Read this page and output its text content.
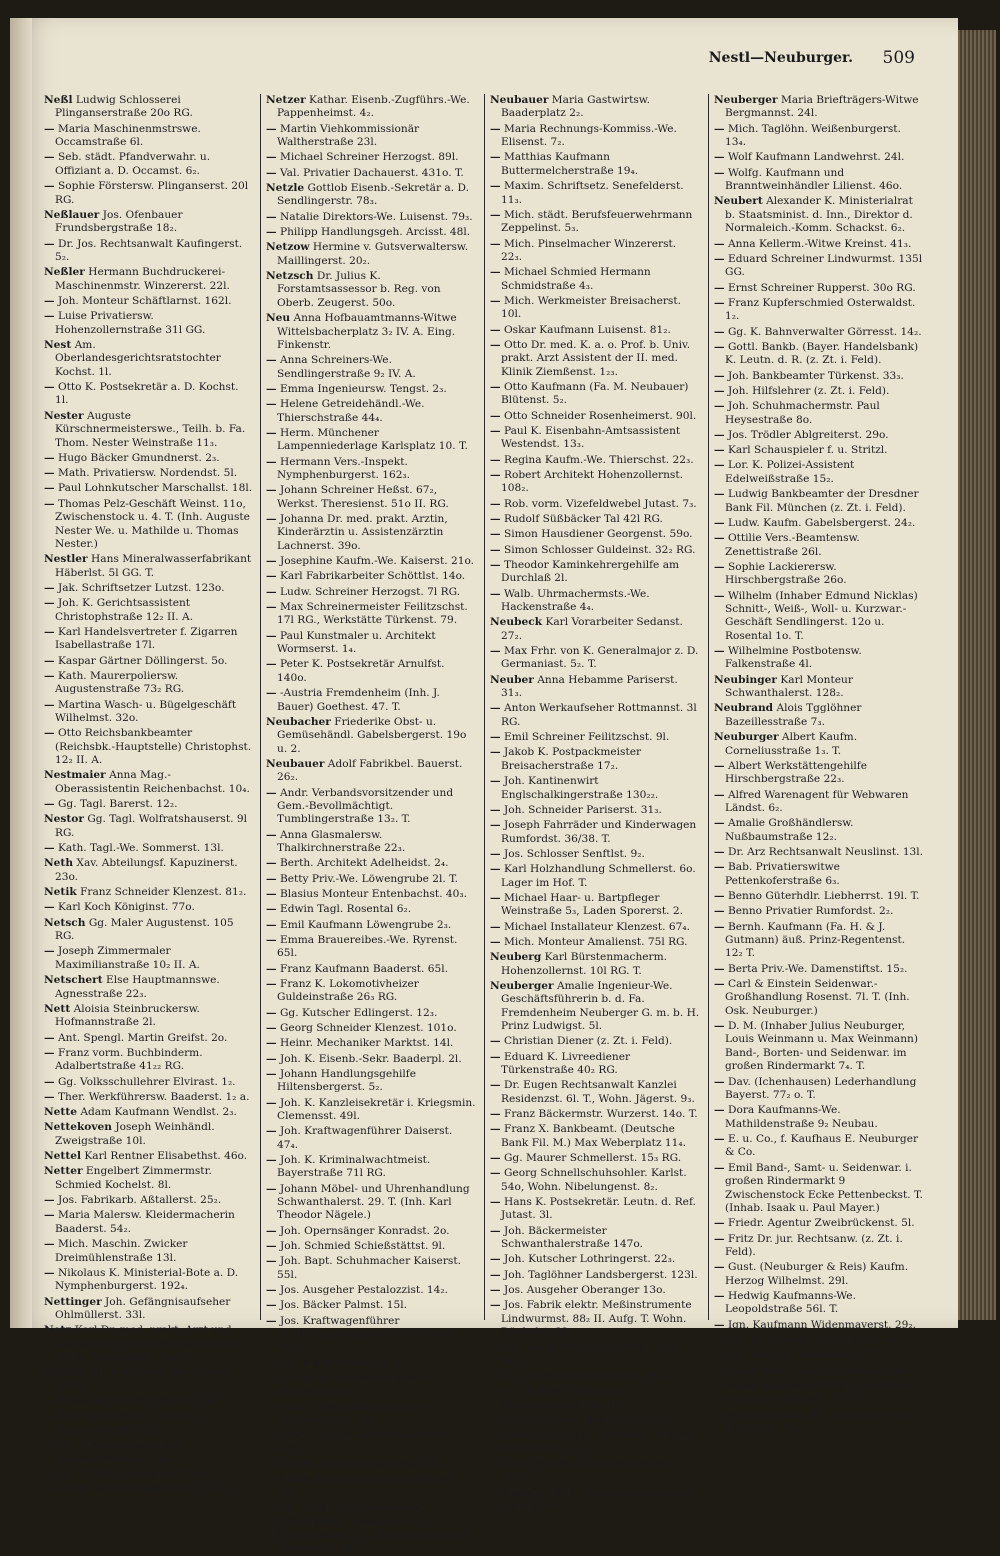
Nestl—Neuburger. 509
Neßl Ludwig Schlosserei Plinganserstraße 20o RG.
— Maria Maschinenmstrswe. Occamstraße 6l.
— Seb. städt. Pfandverwahr. u. Offiziant a. D. Occamst. 6₂.
— Sophie Förstersw. Plinganserst. 20l RG.
Neßlauer Jos. Ofenbauer Frundsbergstraße 18₂.
— Dr. Jos. Rechtsanwalt Kaufingerst. 5₂.
Neßler Hermann Buchdruckerei-Maschinenmstr. Winzererst. 22l.
— Joh. Monteur Schäftlarnst. 162l.
— Luise Privatiersw. Hohenzollernstraße 31l GG.
Nest Am. Oberlandesgerichtsratstochter Kochst. 1l.
— Otto K. Postsekretär a. D. Kochst. 1l.
Nester Auguste Kürschnermeisterswe., Teilh. b. Fa. Thom. Nester Weinstraße 11₃.
— Hugo Bäcker Gmundnerst. 2₃.
— Math. Privatiersw. Nordendst. 5l.
— Paul Lohnkutscher Marschallst. 18l.
— Thomas Pelz-Geschäft Weinst. 11o, Zwischenstock u. 4. T. (Inh. Auguste Nester We. u. Mathilde u. Thomas Nester.)
Nestler Hans Mineralwasserfabrikant Häberlst. 5l GG. T.
— Jak. Schriftsetzer Lutzst. 123o.
— Joh. K. Gerichtsassistent Christophstraße 12₂ II. A.
— Karl Handelsvertreter f. Zigarren Isabellastraße 17l.
— Kaspar Gärtner Döllingerst. 5o.
— Kath. Maurerpoliersw. Augustenstraße 73₂ RG.
— Martina Wasch- u. Bügelgeschäft Wilhelmst. 32o.
— Otto Reichsbankbeamter (Reichsbk.-Hauptstelle) Christophst. 12₂ II. A.
Nestmaier Anna Mag.-Oberassistentin Reichenbachst. 10₄.
— Gg. Tagl. Barerst. 12₂.
Nestor Gg. Tagl. Wolfratshauserst. 9l RG.
— Kath. Tagl.-We. Sommerst. 13l.
Neth Xav. Abteilungsf. Kapuzinerst. 23o.
Netik Franz Schneider Klenzest. 81₂.
— Karl Koch Königinst. 77o.
Netsch Gg. Maler Augustenst. 105 RG.
— Joseph Zimmermaler Maximilianstraße 10₂ II. A.
Netschert Else Hauptmannswe. Agnesstraße 22₃.
Nett Aloisia Steinbruckersw. Hofmannstraße 2l.
— Ant. Spengl. Martin Greifst. 2o.
— Franz vorm. Buchbinderm. Adalbertstraße 41₂₂ RG.
— Gg. Volksschullehrer Elvirast. 1₂.
— Ther. Werkführersw. Baaderst. 1₂ a.
Nette Adam Kaufmann Wendlst. 2₃.
Nettekoven Joseph Weinhändl. Zweigstraße 10l.
Nettel Karl Rentner Elisabethst. 46o.
Netter Engelbert Zimmermstr. Schmied Kochelst. 8l.
— Jos. Fabrikarb. Aßtallerst. 25₂.
— Maria Malersw. Kleidermacherin Baaderst. 54₂.
— Mich. Maschin. Zwicker Dreimühlenstraße 13l.
— Nikolaus K. Ministerial-Bote a. D. Nymphenburgerst. 192₄.
Nettinger Joh. Gefängnisaufseher Ohlmüllerst. 33l.
Netz Karl Dr. med. prakt. Arzt und Assistenzarzt am Krankenhaus M.-Schw. Friedrichst. 33o. T.
Netzer Art. Kaufmann Dachauerst. 483o.
— Anton Tapezierer Oefeleft. 5l.
— Frz. appr. Tierarzt Herzog Heinrichstraße 33l.
— Gg. Eisenwerkaufseher Dachauerstraße 354o. T.
— Gg. Gütler Dachauerst. 246o.
— Herm. Metzger Waltherst. 23o u. 2.
Netzer Kathar. Eisenb.-Zugführs.-We. Pappenheimst. 4₂.
— Martin Viehkommissionär Waltherstraße 23l.
— Michael Schreiner Herzogst. 89l.
— Val. Privatier Dachauerst. 431o. T.
Netzle Gottlob Eisenb.-Sekretär a. D. Sendlingerstr. 78₃.
— Natalie Direktors-We. Luisenst. 79₃.
— Philipp Handlungsgeh. Arcisst. 48l.
Netzow Hermine v. Gutsverwaltersw. Maillingerst. 20₂.
Netzsch Dr. Julius K. Forstamtsassessor b. Reg. von Oberb. Zeugerst. 50o.
Neu Anna Hofbauamtmanns-Witwe Wittelsbacherplatz 3₂ IV. A. Eing. Finkenstr.
— Anna Schreiners-We. Sendlingerstraße 9₂ IV. A.
— Emma Ingenieursw. Tengst. 2₃.
— Helene Getreidehändl.-We. Thierschstraße 44₄.
— Herm. Münchener Lampenniederlage Karlsplatz 10. T.
— Hermann Vers.-Inspekt. Nymphenburgerst. 162₃.
— Johann Schreiner Heßst. 67₂, Werkst. Theresienst. 51o II. RG.
— Johanna Dr. med. prakt. Arztin, Kinderärztin u. Assistenzärztin Lachnerst. 39o.
— Josephine Kaufm.-We. Kaiserst. 21o.
— Karl Fabrikarbeiter Schöttlst. 14o.
— Ludw. Schreiner Herzogst. 7l RG.
— Max Schreinermeister Feilitzschst. 17l RG., Werkstätte Türkenst. 79.
— Paul Kunstmaler u. Architekt Wormserst. 1₄.
— Peter K. Postsekretär Arnulfst. 140o.
— -Austria Fremdenheim (Inh. J. Bauer) Goethest. 47. T.
Neubacher Friederike Obst- u. Gemüsehändl. Gabelsbergerst. 19o u. 2.
Neubauer Adolf Fabrikbel. Bauerst. 26₂.
— Andr. Verbandsvorsitzender und Gem.-Bevollmächtigt. Tumblingerstraße 13₂. T.
— Anna Glasmalersw. Thalkirchnerstraße 22₃.
— Berth. Architekt Adelheidst. 2₄.
— Betty Priv.-We. Löwengrube 2l. T.
— Blasius Monteur Entenbachst. 40₃.
— Edwin Tagl. Rosental 6₂.
— Emil Kaufmann Löwengrube 2₃.
— Emma Brauereibes.-We. Ryrenst. 65l.
— Franz Kaufmann Baaderst. 65l.
— Franz K. Lokomotivheizer Guldeinstraße 26₃ RG.
— Gg. Kutscher Edlingerst. 12₃.
— Georg Schneider Klenzest. 101o.
— Heinr. Mechaniker Marktst. 14l.
— Joh. K. Eisenb.-Sekr. Baaderpl. 2l.
— Johann Handlungsgehilfe Hiltensbergerst. 5₂.
— Joh. K. Kanzleisekretär i. Kriegsmin. Clemensst. 49l.
— Joh. Kraftwagenführer Daiserst. 47₄.
— Joh. K. Kriminalwachtmeist. Bayerstraße 71l RG.
— Johann Möbel- und Uhrenhandlung Schwanthalerst. 29. T. (Inh. Karl Theodor Nägele.)
— Joh. Opernsänger Konradst. 2o.
— Joh. Schmied Schießstättst. 9l.
— Joh. Bapt. Schuhmacher Kaiserst. 55l.
— Jos. Ausgeher Pestalozzist. 14₂.
— Jos. Bäcker Palmst. 15l.
— Jos. Kraftwagenführer Kurfürstenstraße 60l RG. (neu 6l RG.)
— Jos. Maurer Balanst. 8l.
— Josephine Seminarlehrersw. Belgradst. 24₃.
— Karol. Maschinenschloss.-W. Quellenstraße 30₂.
— Kath. Tagl.-W. Donnersbergerst. 43o.
— Leonh. Hafner Amalienst. 54₃.
— Ludw. Metallschleifer Quellenst. 30₂.
— M. (Inhab. Otto Neubauer) Möbelfabrik, Verkaufsstelle Löwengrube 2. T. Dampfschreinerei Westendst. 147.
Neubauer Maria Gastwirtsw. Baaderplatz 2₂.
— Maria Rechnungs-Kommiss.-We. Elisenst. 7₂.
— Matthias Kaufmann Buttermelcherstraße 19₄.
— Maxim. Schriftsetz. Senefelderst. 11₃.
— Mich. städt. Berufsfeuerwehrmann Zeppelinst. 5₃.
— Mich. Pinselmacher Winzererst. 22₃.
— Michael Schmied Hermann Schmidstraße 4₃.
— Mich. Werkmeister Breisacherst. 10l.
— Oskar Kaufmann Luisenst. 81₂.
— Otto Dr. med. K. a. o. Prof. b. Univ. prakt. Arzt Assistent der II. med. Klinik Ziemßenst. 1₂₃.
— Otto Kaufmann (Fa. M. Neubauer) Blütenst. 5₂.
— Otto Schneider Rosenheimerst. 90l.
— Paul K. Eisenbahn-Amtsassistent Westendst. 13₃.
— Regina Kaufm.-We. Thierschst. 22₃.
— Robert Architekt Hohenzollernst. 108₂.
— Rob. vorm. Vizefeldwebel Jutast. 7₃.
— Rudolf Süßbäcker Tal 42l RG.
— Simon Hausdiener Georgenst. 59o.
— Simon Schlosser Guldeinst. 32₂ RG.
— Theodor Kaminkehrergehilfe am Durchlaß 2l.
— Walb. Uhrmachermsts.-We. Hackenstraße 4₄.
Neubeck Karl Vorarbeiter Sedanst. 27₂.
— Max Frhr. von K. Generalmajor z. D. Germaniast. 5₂. T.
Neuber Anna Hebamme Pariserst. 31₃.
— Anton Werkaufseher Rottmannst. 3l RG.
— Emil Schreiner Feilitzschst. 9l.
— Jakob K. Postpackmeister Breisacherstraße 17₂.
— Joh. Kantinenwirt Englschalkingerstraße 130₂₂.
— Joh. Schneider Pariserst. 31₃.
— Joseph Fahrräder und Kinderwagen Rumfordst. 36/38. T.
— Jos. Schlosser Senftlst. 9₂.
— Karl Holzhandlung Schmellerst. 6o. Lager im Hof. T.
— Michael Haar- u. Bartpfleger Weinstraße 5₃, Laden Sporerst. 2.
— Michael Installateur Klenzest. 67₄.
— Mich. Monteur Amalienst. 75l RG.
Neuberg Karl Bürstenmacherm. Hohenzollernst. 10l RG. T.
Neuberger Amalie Ingenieur-We. Geschäftsführerin b. d. Fa. Fremdenheim Neuberger G. m. b. H. Prinz Ludwigst. 5l.
— Christian Diener (z. Zt. i. Feld).
— Eduard K. Livreediener Türkenstraße 40₂ RG.
— Dr. Eugen Rechtsanwalt Kanzlei Residenzst. 6l. T., Wohn. Jägerst. 9₃.
— Franz Bäckermstr. Wurzerst. 14o. T.
— Franz X. Bankbeamt. (Deutsche Bank Fil. M.) Max Weberplatz 11₄.
— Gg. Maurer Schmellerst. 15₃ RG.
— Georg Schnellschuhsohler. Karlst. 54o, Wohn. Nibelungenst. 8₂.
— Hans K. Postsekretär. Leutn. d. Ref. Jutast. 3l.
— Joh. Bäckermeister Schwanthalerstraße 147o.
— Joh. Kutscher Lothringerst. 22₃.
— Joh. Taglöhner Landsbergerst. 123l.
— Jos. Ausgeher Oberanger 13o.
— Jos. Fabrik elektr. Meßinstrumente Lindwurmst. 88₂ II. Aufg. T. Wohn. Dänkelst. 32₂.
— Jos. Gußputzer Dachauerst. 125l RG.
— Jos. Hartschier Holbeinst. 16₂.
— Jos. Magistr.-Sekretär Herzogspitalstraße 12₄.
— Jos. Taglöhner Balanst. 41l RG.
— Karl K. Amtsger.-Obersekr. Dachau, Freisingerst. 31.
— Karl Taglöhn. Donnersbergerst. 50₂₃.
— Ludwig städt. Oberfeuerwehrmann Schulst. 5l.
Neuberger Maria Briefträgers-Witwe Bergmannst. 24l.
— Mich. Taglöhn. Weißenburgerst. 13₄.
— Wolf Kaufmann Landwehrst. 24l.
— Wolfg. Kaufmann und Branntweinhändler Lilienst. 46o.
Neubert Alexander K. Ministerialrat b. Staatsminist. d. Inn., Direktor d. Normaleich.-Komm. Schackst. 6₂.
— Anna Kellerm.-Witwe Kreinst. 41₃.
— Eduard Schreiner Lindwurmst. 135l GG.
— Ernst Schreiner Rupperst. 30o RG.
— Franz Kupferschmied Osterwaldst. 1₂.
— Gg. K. Bahnverwalter Görresst. 14₂.
— Gottl. Bankb. (Bayer. Handelsbank) K. Leutn. d. R. (z. Zt. i. Feld).
— Joh. Bankbeamter Türkenst. 33₃.
— Joh. Hilfslehrer (z. Zt. i. Feld).
— Joh. Schuhmachermstr. Paul Heysestraße 8o.
— Jos. Trödler Ablgreiterst. 29o.
— Karl Schauspieler f. u. Stritzl.
— Lor. K. Polizei-Assistent Edelweißstraße 15₂.
— Ludwig Bankbeamter der Dresdner Bank Fil. München (z. Zt. i. Feld).
— Ludw. Kaufm. Gabelsbergerst. 24₂.
— Ottilie Vers.-Beamtensw. Zenettistraße 26l.
— Sophie Lackierersw. Hirschbergstraße 26o.
— Wilhelm (Inhaber Edmund Nicklas) Schnitt-, Weiß-, Woll- u. Kurzwar.-Geschäft Sendlingerst. 12o u. Rosental 1o. T.
— Wilhelmine Postbotensw. Falkenstraße 4l.
Neubinger Karl Monteur Schwanthalerst. 128₂.
Neubrand Alois Tgglöhner Bazeillesstraße 7₃.
Neuburger Albert Kaufm. Corneliusstraße 1₃. T.
— Albert Werkstättengehilfe Hirschbergstraße 22₃.
— Alfred Warenagent für Webwaren Ländst. 6₂.
— Amalie Großhändlersw. Nußbaumstraße 12₂.
— Dr. Arz Rechtsanwalt Neuslinst. 13l.
— Bab. Privatierswitwe Pettenkoferstraße 6₃.
— Benno Güterhdlr. Liebherrst. 19l. T.
— Benno Privatier Rumfordst. 2₂.
— Bernh. Kaufmann (Fa. H. & J. Gutmann) äuß. Prinz-Regentenst. 12₂ T.
— Berta Priv.-We. Damenstiftst. 15₂.
— Carl & Einstein Seidenwar.-Großhandlung Rosenst. 7l. T. (Inh. Osk. Neuburger.)
— D. M. (Inhaber Julius Neuburger, Louis Weinmann u. Max Weinmann) Band-, Borten- und Seidenwar. im großen Rindermarkt 7₄. T.
— Dav. (Ichenhausen) Lederhandlung Bayerst. 77₂ o. T.
— Dora Kaufmanns-We. Mathildenstraße 9₂ Neubau.
— E. u. Co., f. Kaufhaus E. Neuburger & Co.
— Emil Band-, Samt- u. Seidenwar. i. großen Rindermarkt 9 Zwischenstock Ecke Pettenbeckst. T. (Inhab. Isaak u. Paul Mayer.)
— Friedr. Agentur Zweibrückenst. 5l.
— Fritz Dr. jur. Rechtsanw. (z. Zt. i. Feld).
— Gust. (Neuburger & Reis) Kaufm. Herzog Wilhelmst. 29l.
— Hedwig Kaufmanns-We. Leopoldstraße 56l. T.
— Ign. Kaufmann Widenmayerst. 29₂.
— Jos. Kursmakler Schönfeldst. 6o. T.
— Jos. Rentner Holbeinst. 5l. T.
— Isaak Heinr. Kaufm. Giselast. 18o. T.
— Isidor Kaufmann (Wilh. Neuburger & Söhne) Haydnst. 7₂. T.
— Isid. Kaufhaus (Fa. Neuburger & C.) Türkenst. 71l.
